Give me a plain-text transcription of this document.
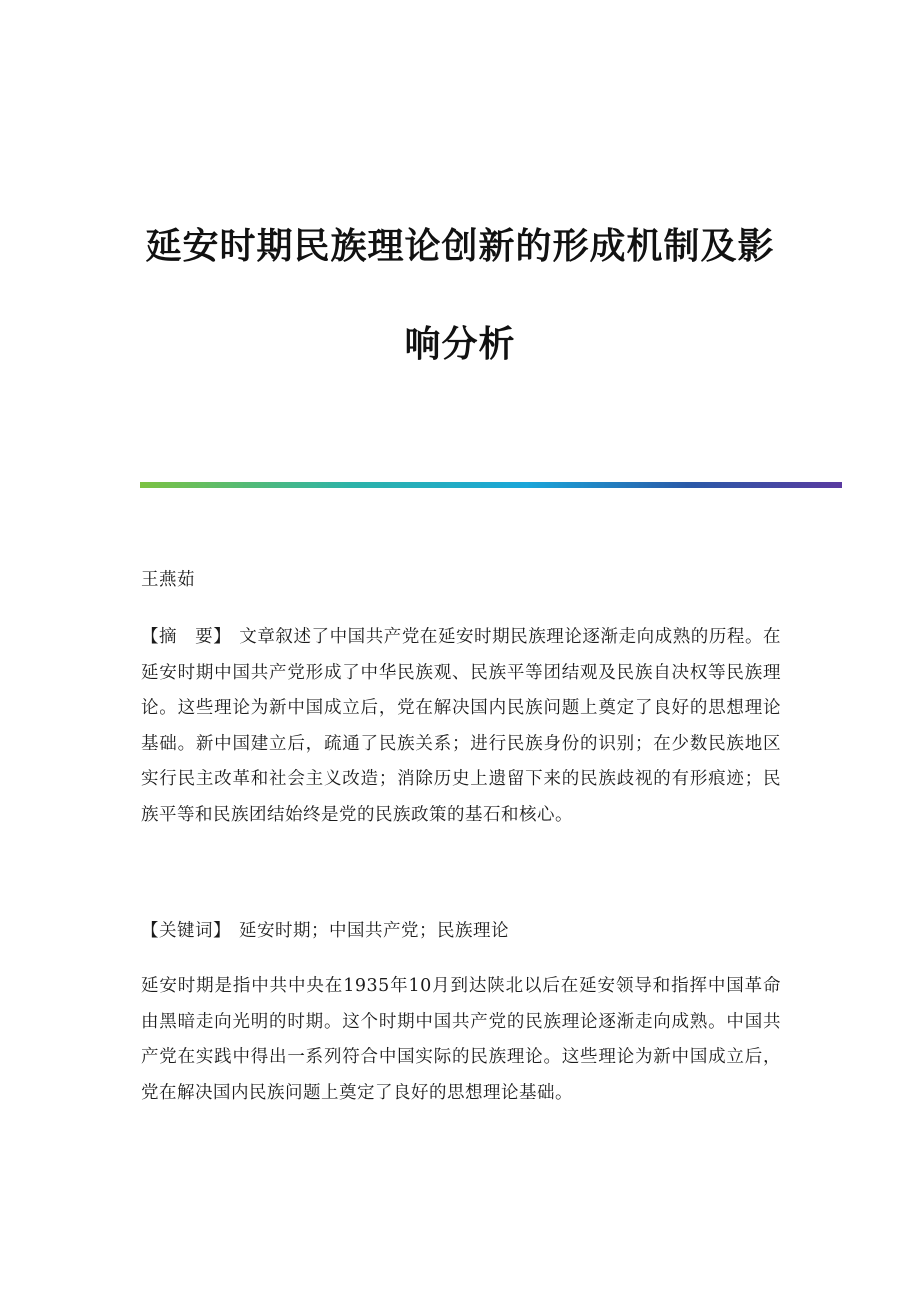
延安时期民族理论创新的形成机制及影
响分析
王燕茹
【摘　要】 文章叙述了中国共产党在延安时期民族理论逐渐走向成熟的历程。在延安时期中国共产党形成了中华民族观、民族平等团结观及民族自决权等民族理论。这些理论为新中国成立后，党在解决国内民族问题上奠定了良好的思想理论基础。新中国建立后，疏通了民族关系；进行民族身份的识别；在少数民族地区实行民主改革和社会主义改造；消除历史上遗留下来的民族歧视的有形痕迹；民族平等和民族团结始终是党的民族政策的基石和核心。
【关键词】 延安时期；中国共产党；民族理论
延安时期是指中共中央在1935年10月到达陕北以后在延安领导和指挥中国革命由黑暗走向光明的时期。这个时期中国共产党的民族理论逐渐走向成熟。中国共产党在实践中得出一系列符合中国实际的民族理论。这些理论为新中国成立后，党在解决国内民族问题上奠定了良好的思想理论基础。
